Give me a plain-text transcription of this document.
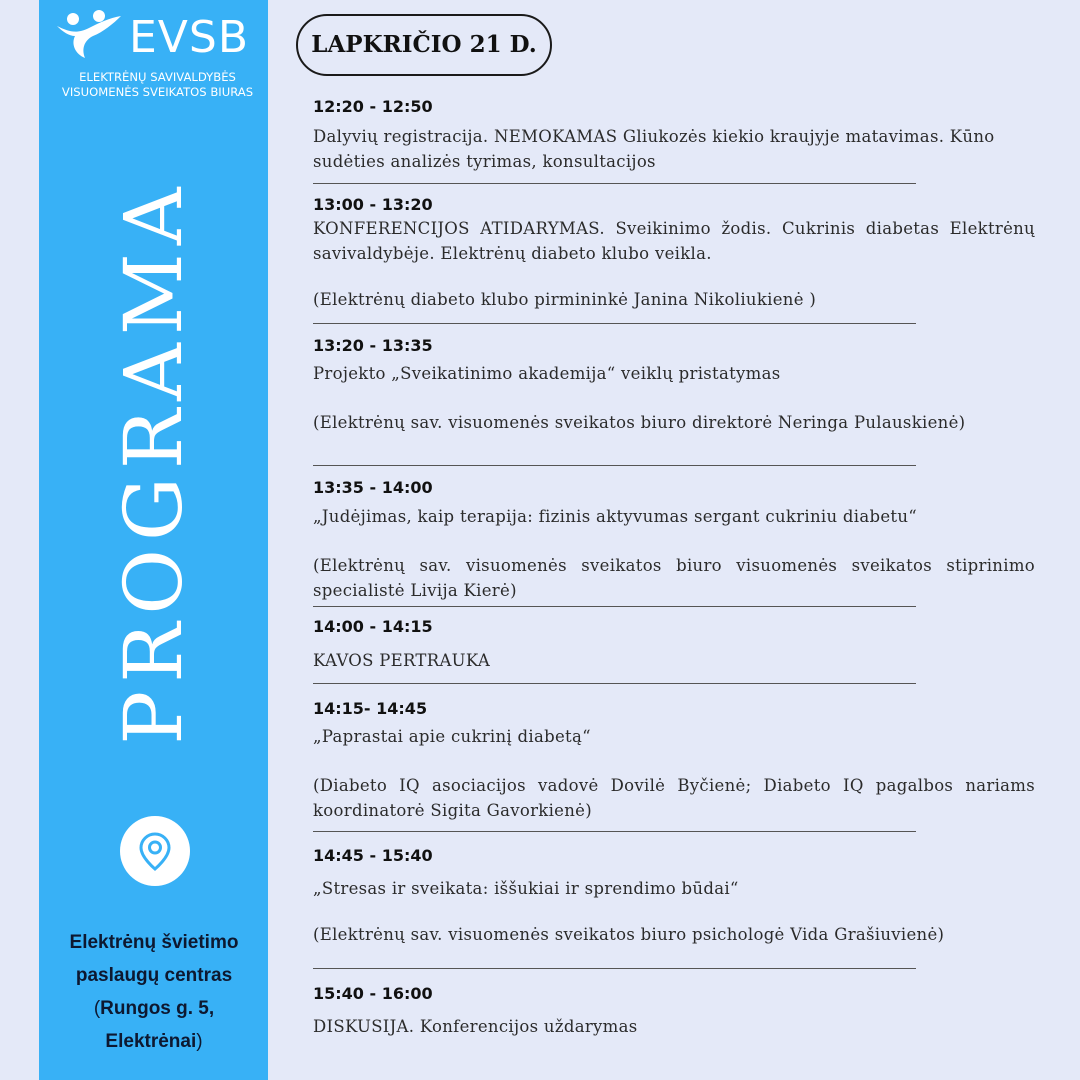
EVSB
ELEKTRĖNŲ SAVIVALDYBĖS
VISUOMENĖS SVEIKATOS BIURAS
PROGRAMA
Elektrėnų švietimo
paslaugų centras
(Rungos g. 5,
Elektrėnai)
LAPKRIČIO 21 D.
12:20 - 12:50

Dalyvių registracija. NEMOKAMAS Gliukozės kiekio kraujyje matavimas. Kūno sudėties analizės tyrimas, konsultacijos

13:00 - 13:20

KONFERENCIJOS ATIDARYMAS. Sveikinimo žodis. Cukrinis diabetas Elektrėnų savivaldybėje. Elektrėnų diabeto klubo veikla.

(Elektrėnų diabeto klubo pirmininkė Janina Nikoliukienė )

13:20 - 13:35

Projekto „Sveikatinimo akademija“ veiklų pristatymas

(Elektrėnų sav. visuomenės sveikatos biuro direktorė Neringa Pulauskienė)

13:35 - 14:00

„Judėjimas, kaip terapija: fizinis aktyvumas sergant cukriniu diabetu“

(Elektrėnų sav. visuomenės sveikatos biuro visuomenės sveikatos stiprinimo specialistė Livija Kierė)

14:00 - 14:15

KAVOS PERTRAUKA

14:15- 14:45

„Paprastai apie cukrinį diabetą“

(Diabeto IQ asociacijos vadovė Dovilė Byčienė; Diabeto IQ pagalbos nariams koordinatorė Sigita Gavorkienė)

14:45 - 15:40

„Stresas ir sveikata: iššukiai ir sprendimo būdai“

(Elektrėnų sav. visuomenės sveikatos biuro psichologė Vida Grašiuvienė)

15:40 - 16:00

DISKUSIJA. Konferencijos uždarymas
